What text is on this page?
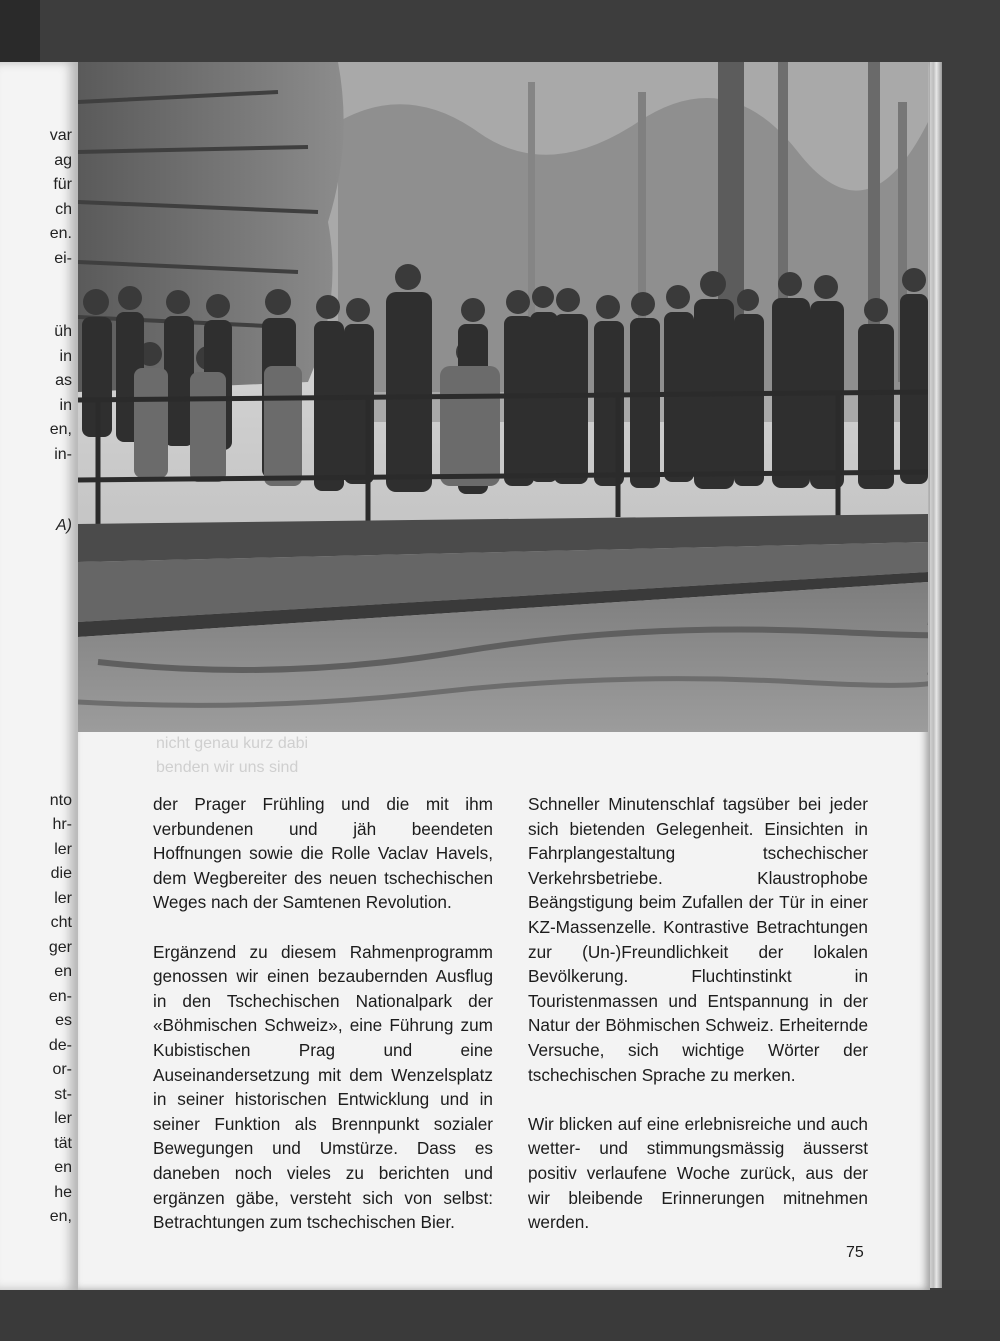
var
ag
für
ch
en.
ei-
üh
in
as
in
en,
in-
A)
nto
hr-
ler
die
ler
cht
ger
en
en-
es
de-
or-
st-
ler
tät
en
he
en,
nicht genau kurz dabi
benden wir uns sind

der Prager Frühling und die mit ihm verbundenen und jäh beendeten Hoffnungen sowie die Rolle Vaclav Havels, dem Wegbereiter des neuen tschechischen Weges nach der Samtenen Revolution.

Ergänzend zu diesem Rahmenprogramm genossen wir einen bezaubernden Ausflug in den Tschechischen Nationalpark der «Böhmischen Schweiz», eine Führung zum Kubistischen Prag und eine Auseinandersetzung mit dem Wenzelsplatz in seiner historischen Entwicklung und in seiner Funktion als Brennpunkt sozialer Bewegungen und Umstürze. Dass es daneben noch vieles zu berichten und ergänzen gäbe, versteht sich von selbst: Betrachtungen zum tschechischen Bier.

Schneller Minutenschlaf tagsüber bei jeder sich bietenden Gelegenheit. Einsichten in Fahrplangestaltung tschechischer Verkehrsbetriebe. Klaustrophobe Beängstigung beim Zufallen der Tür in einer KZ-Massenzelle. Kontrastive Betrachtungen zur (Un-)Freundlichkeit der lokalen Bevölkerung. Fluchtinstinkt in Touristenmassen und Entspannung in der Natur der Böhmischen Schweiz. Erheiternde Versuche, sich wichtige Wörter der tschechischen Sprache zu merken.

Wir blicken auf eine erlebnisreiche und auch wetter- und stimmungsmässig äusserst positiv verlaufene Woche zurück, aus der wir bleibende Erinnerungen mitnehmen werden.

75
